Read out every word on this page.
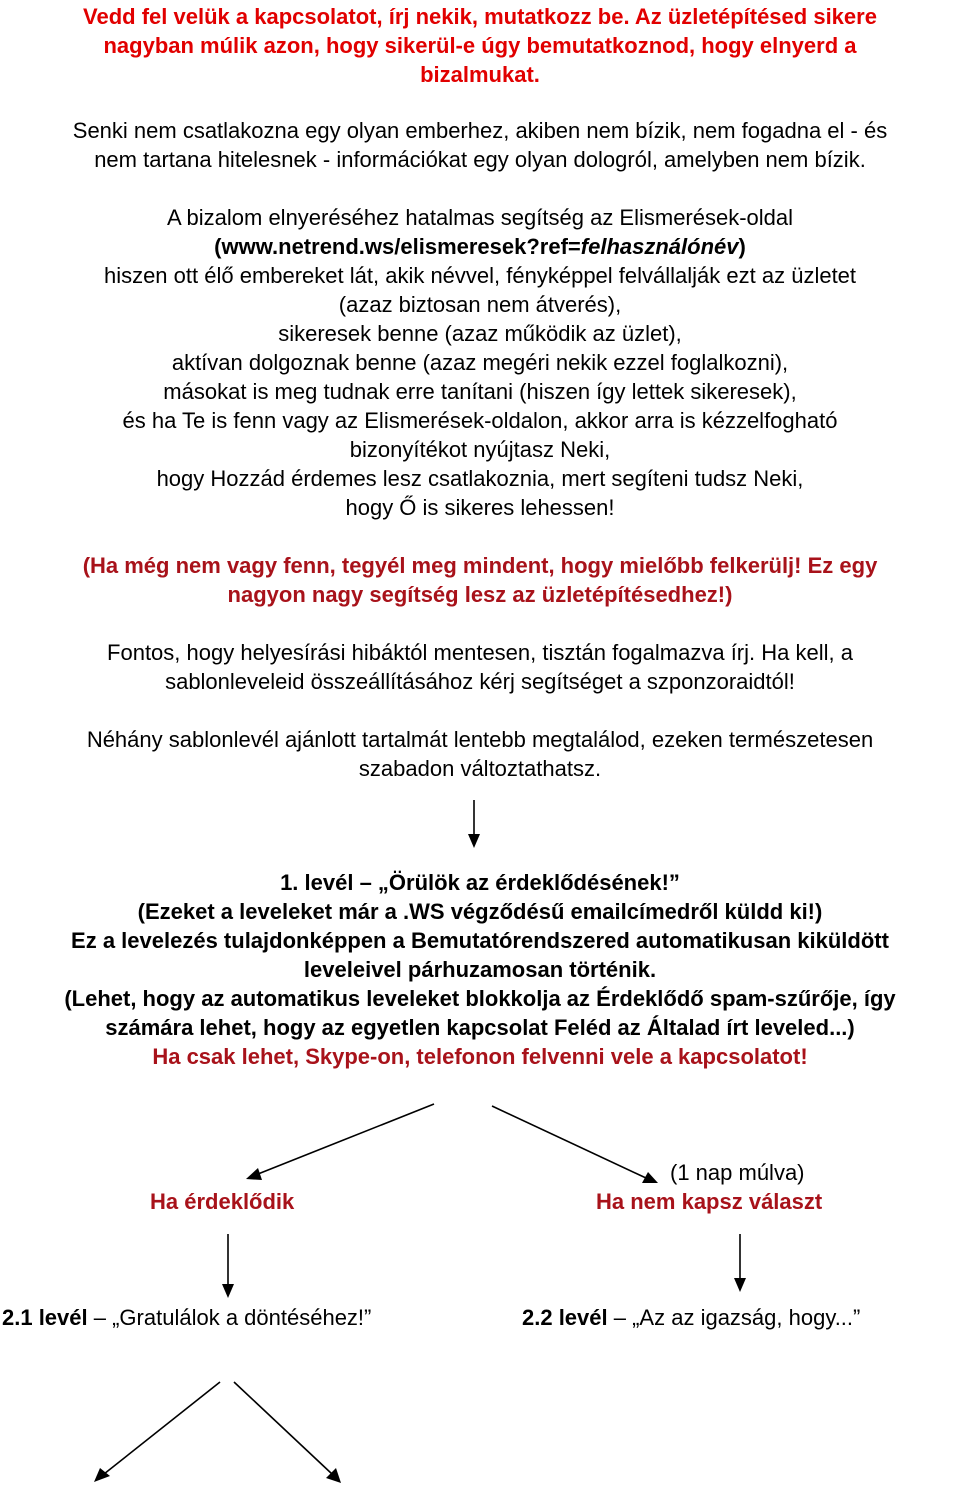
Vedd fel velük a kapcsolatot, írj nekik, mutatkozz be. Az üzletépítésed sikere
nagyban múlik azon, hogy sikerül-e úgy bemutatkoznod, hogy elnyerd a
bizalmukat.
Senki nem csatlakozna egy olyan emberhez, akiben nem bízik, nem fogadna el - és
nem tartana hitelesnek - információkat egy olyan dologról, amelyben nem bízik.
A bizalom elnyeréséhez hatalmas segítség az Elismerések-oldal
(www.netrend.ws/elismeresek?ref=felhasználónév)
hiszen ott élő embereket lát, akik névvel, fényképpel felvállalják ezt az üzletet
(azaz biztosan nem átverés),
sikeresek benne (azaz működik az üzlet),
aktívan dolgoznak benne (azaz megéri nekik ezzel foglalkozni),
másokat is meg tudnak erre tanítani (hiszen így lettek sikeresek),
és ha Te is fenn vagy az Elismerések-oldalon, akkor arra is kézzelfogható
bizonyítékot nyújtasz Neki,
hogy Hozzád érdemes lesz csatlakoznia, mert segíteni tudsz Neki,
hogy Ő is sikeres lehessen!
(Ha még nem vagy fenn, tegyél meg mindent, hogy mielőbb felkerülj! Ez egy
nagyon nagy segítség lesz az üzletépítésedhez!)
Fontos, hogy helyesírási hibáktól mentesen, tisztán fogalmazva írj. Ha kell, a
sablonleveleid összeállításához kérj segítséget a szponzoraidtól!
Néhány sablonlevél ajánlott tartalmát lentebb megtalálod, ezeken természetesen
szabadon változtathatsz.
1. levél – „Örülök az érdeklődésének!”
(Ezeket a leveleket már a .WS végződésű emailcímedről küldd ki!)
Ez a levelezés tulajdonképpen a Bemutatórendszered automatikusan kiküldött
leveleivel párhuzamosan történik.
(Lehet, hogy az automatikus leveleket blokkolja az Érdeklődő spam-szűrője, így
számára lehet, hogy az egyetlen kapcsolat Feléd az Általad írt leveled...)
Ha csak lehet, Skype-on, telefonon felvenni vele a kapcsolatot!
Ha érdeklődik
(1 nap múlva)
Ha nem kapsz választ
2.1 levél – „Gratulálok a döntéséhez!”	2.2 levél – „Az az igazság, hogy...”
